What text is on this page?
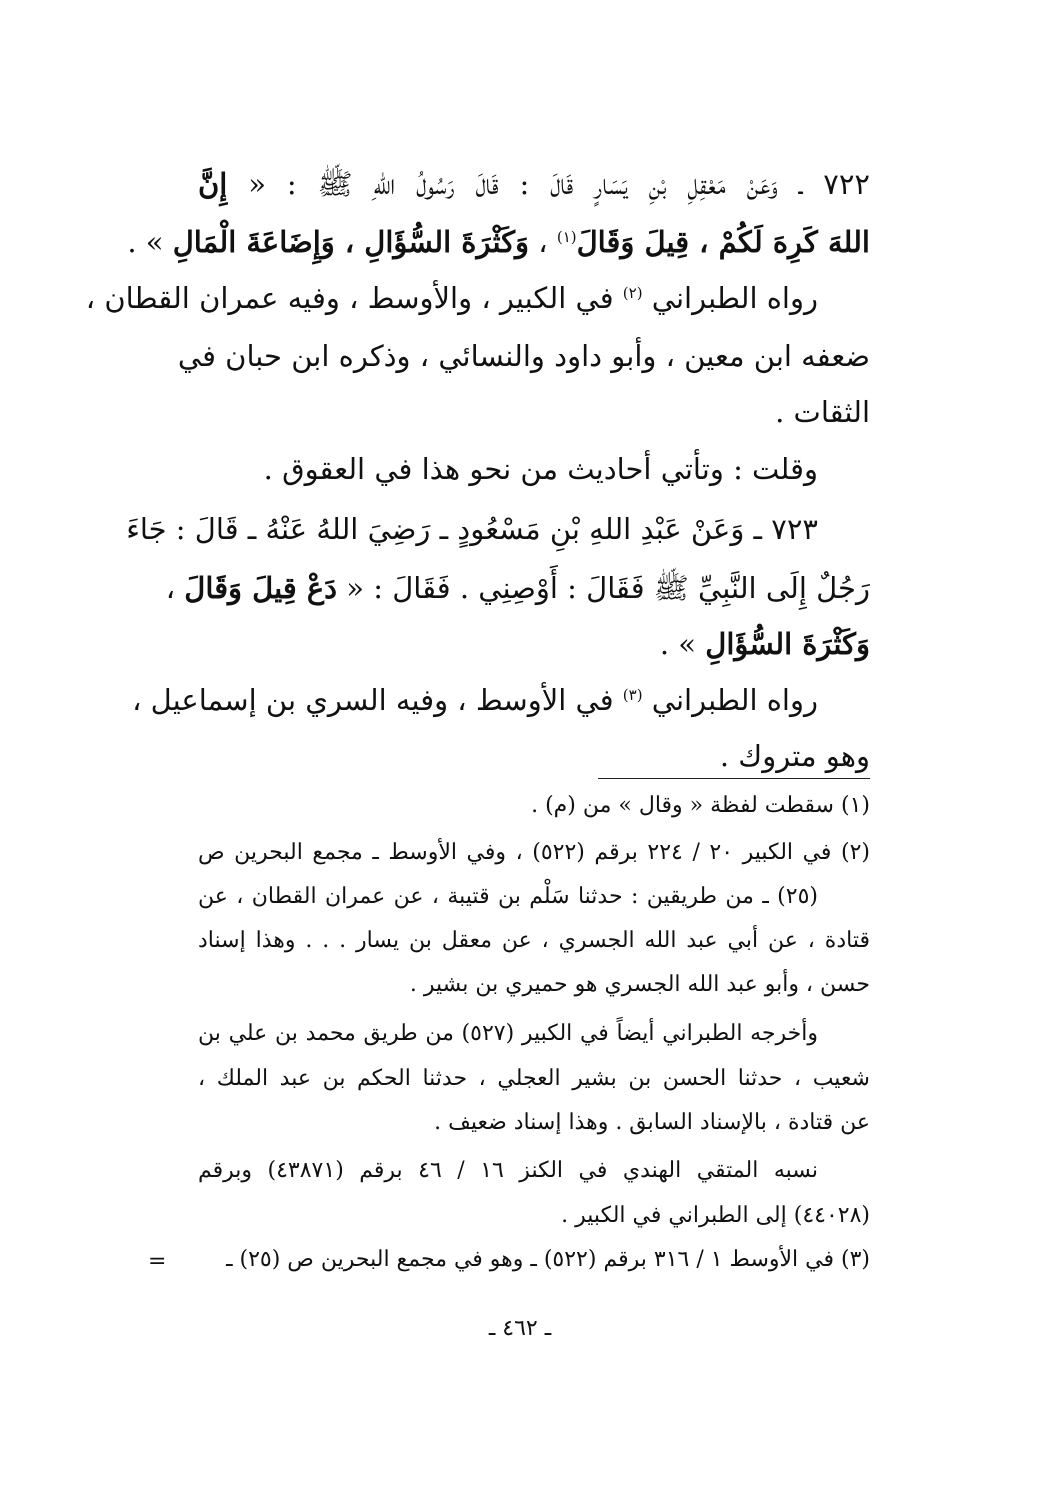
٧٢٢ ـ وَعَنْ مَعْقِلِ بْنِ يَسَارٍ قَالَ : قَالَ رَسُولُ اللهِ ﷺ : « إِنَّ
اللهَ كَرِهَ لَكُمْ ، قِيلَ وَقَالَ$^{(١)}$ ، وَكَثْرَةَ السُّؤَالِ ، وَإِضَاعَةَ الْمَالِ » .
رواه الطبراني $^{(٢)}$ في الكبير ، والأوسط ، وفيه عمران القطان ،
ضعفه ابن معين ، وأبو داود والنسائي ، وذكره ابن حبان في
الثقات .
وقلت : وتأتي أحاديث من نحو هذا في العقوق .
٧٢٣ ـ وَعَنْ عَبْدِ اللهِ بْنِ مَسْعُودٍ ـ رَضِيَ اللهُ عَنْهُ ـ قَالَ : جَاءَ
رَجُلٌ إِلَى النَّبِيِّ ﷺ فَقَالَ : أَوْصِنِي . فَقَالَ : « دَعْ قِيلَ وَقَالَ ،
وَكَثْرَةَ السُّؤَالِ » .
رواه الطبراني $^{(٣)}$ في الأوسط ، وفيه السري بن إسماعيل ،
وهو متروك .
(١) سقطت لفظة « وقال » من (م) .
(٢) في الكبير ٢٠ / ٢٢٤ برقم (٥٢٢) ، وفي الأوسط ـ مجمع البحرين ص
(٢٥) ـ من طريقين : حدثنا سَلْم بن قتيبة ، عن عمران القطان ، عن
قتادة ، عن أبي عبد الله الجسري ، عن معقل بن يسار . . . وهذا إسناد
حسن ، وأبو عبد الله الجسري هو حميري بن بشير .
وأخرجه الطبراني أيضاً في الكبير (٥٢٧) من طريق محمد بن علي بن
شعيب ، حدثنا الحسن بن بشير العجلي ، حدثنا الحكم بن عبد الملك ،
عن قتادة ، بالإسناد السابق . وهذا إسناد ضعيف .
نسبه المتقي الهندي في الكنز ١٦ / ٤٦ برقم (٤٣٨٧١) وبرقم
(٤٤٠٢٨) إلى الطبراني في الكبير .
(٣) في الأوسط ١ / ٣١٦ برقم (٥٢٢) ـ وهو في مجمع البحرين ص (٢٥) ـ
=
ـ ٤٦٢ ـ
